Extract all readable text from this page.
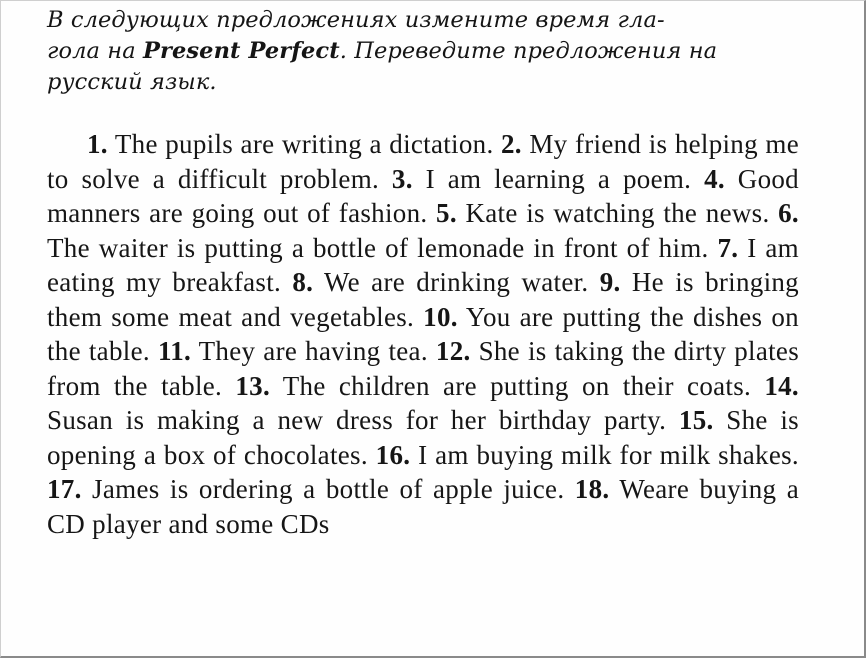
В следующих предложениях измените время гла-
гола на Present Perfect. Переведите предложения на
русский язык.
1. The pupils are writing a dictation. 2. My friend is helping me to solve a difficult problem. 3. I am learning a poem. 4. Good manners are going out of fashion. 5. Kate is watching the news. 6. The waiter is putting a bottle of lemonade in front of him. 7. I am eating my breakfast. 8. We are drinking water. 9. He is bringing them some meat and vegetables. 10. You are putting the dishes on the table. 11. They are having tea. 12. She is taking the dirty plates from the table. 13. The children are putting on their coats. 14. Susan is making a new dress for her birthday party. 15. She is opening a box of chocolates. 16. I am buying milk for milk shakes. 17. James is ordering a bottle of apple juice. 18. Weare buying a CD player and some CDs
